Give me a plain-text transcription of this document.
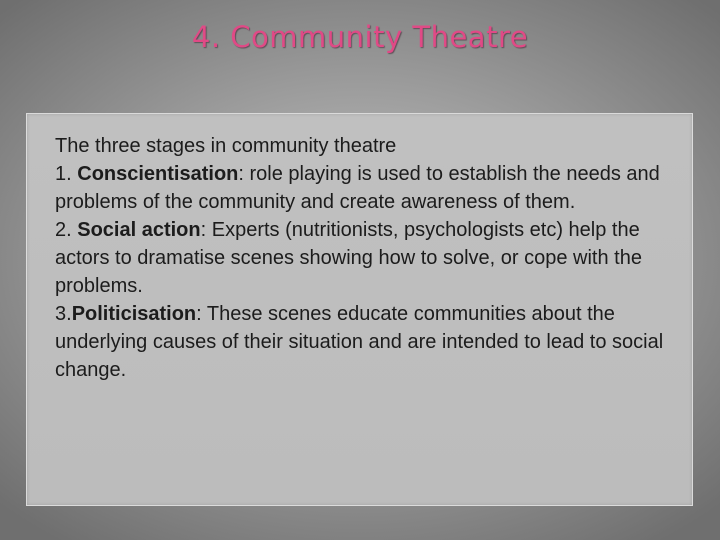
4. Community Theatre

The three stages in community theatre

1. Conscientisation: role playing is used to establish the needs and problems of the community and create awareness of them.

2. Social action: Experts (nutritionists, psychologists etc) help the actors to dramatise scenes showing how to solve, or cope with the problems.

3.Politicisation: These scenes educate communities about the underlying causes of their situation and are intended to lead to social change.
